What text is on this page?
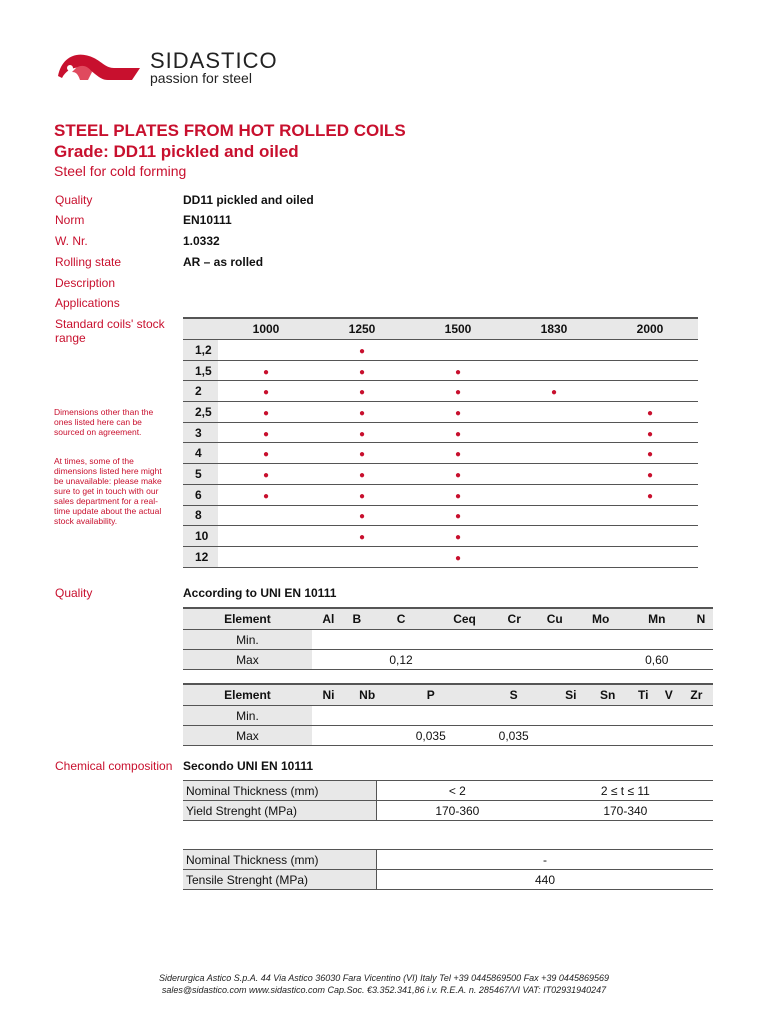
SIDASTICO
passion for steel
STEEL PLATES FROM HOT ROLLED COILS
Grade: DD11 pickled and oiled
Steel for cold forming
Quality	DD11 pickled and oiled
Norm	EN10111
W. Nr.	1.0332
Rolling state	AR – as rolled
Description
Applications
Standard coils' stock range
Dimensions other than the ones listed here can be sourced on agreement.
At times, some of the dimensions listed here might be unavailable: please make sure to get in touch with our sales department for a real-time update about the actual stock availability.
	1000	1250	1500	1830	2000
1,2		●			
1,5	●	●	●		
2	●	●	●	●	
2,5	●	●	●		●
3	●	●	●		●
4	●	●	●		●
5	●	●	●		●
6	●	●	●		●
8		●	●		
10		●	●		
12			●		
Quality	According to UNI EN 10111
Element	Al	B	C	Ceq	Cr	Cu	Mo	Mn	N
Min.									
Max			0,12					0,60	
Element	Ni	Nb	P	S	Si	Sn	Ti	V	Zr
Min.									
Max			0,035	0,035					
Chemical composition Secondo UNI EN 10111
Nominal Thickness (mm)	< 2	2 ≤ t ≤ 11
Yield Strenght (MPa)	170-360	170-340
Nominal Thickness (mm)	-
Tensile Strenght (MPa)	440
Siderurgica Astico S.p.A. 44 Via Astico 36030 Fara Vicentino (VI) Italy Tel +39 0445869500 Fax +39 0445869569
sales@sidastico.com www.sidastico.com Cap.Soc. €3.352.341,86 i.v. R.E.A. n. 285467/VI VAT: IT02931940247
